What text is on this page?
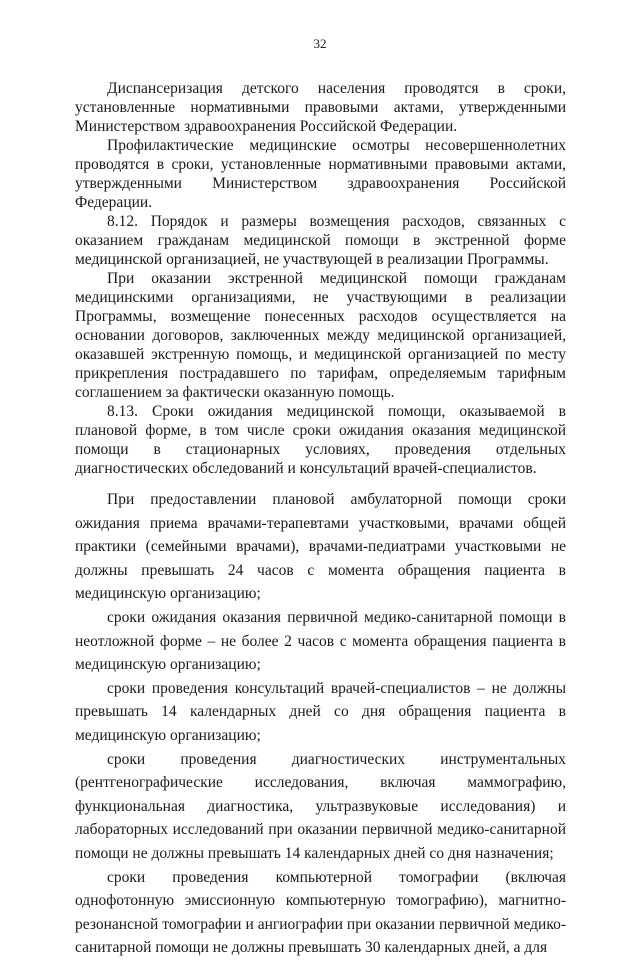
32

Диспансеризация детского населения проводятся в сроки, установленные нормативными правовыми актами, утвержденными Министерством здравоохранения Российской Федерации.

Профилактические медицинские осмотры несовершеннолетних проводятся в сроки, установленные нормативными правовыми актами, утвержденными Министерством здравоохранения Российской Федерации.

8.12. Порядок и размеры возмещения расходов, связанных с оказанием гражданам медицинской помощи в экстренной форме медицинской организацией, не участвующей в реализации Программы.

При оказании экстренной медицинской помощи гражданам медицинскими организациями, не участвующими в реализации Программы, возмещение понесенных расходов осуществляется на основании договоров, заключенных между медицинской организацией, оказавшей экстренную помощь, и медицинской организацией по месту прикрепления пострадавшего по тарифам, определяемым тарифным соглашением за фактически оказанную помощь.

8.13. Сроки ожидания медицинской помощи, оказываемой в плановой форме, в том числе сроки ожидания оказания медицинской помощи в стационарных условиях, проведения отдельных диагностических обследований и консультаций врачей-специалистов.

При предоставлении плановой амбулаторной помощи сроки ожидания приема врачами-терапевтами участковыми, врачами общей практики (семейными врачами), врачами-педиатрами участковыми не должны превышать 24 часов с момента обращения пациента в медицинскую организацию;

сроки ожидания оказания первичной медико-санитарной помощи в неотложной форме – не более 2 часов с момента обращения пациента в медицинскую организацию;

сроки проведения консультаций врачей-специалистов – не должны превышать 14 календарных дней со дня обращения пациента в медицинскую организацию;

сроки проведения диагностических инструментальных (рентгенографические исследования, включая маммографию, функциональная диагностика, ультразвуковые исследования) и лабораторных исследований при оказании первичной медико-санитарной помощи не должны превышать 14 календарных дней со дня назначения;

сроки проведения компьютерной томографии (включая однофотонную эмиссионную компьютерную томографию), магнитно-резонансной томографии и ангиографии при оказании первичной медико-санитарной помощи не должны превышать 30 календарных дней, а для
